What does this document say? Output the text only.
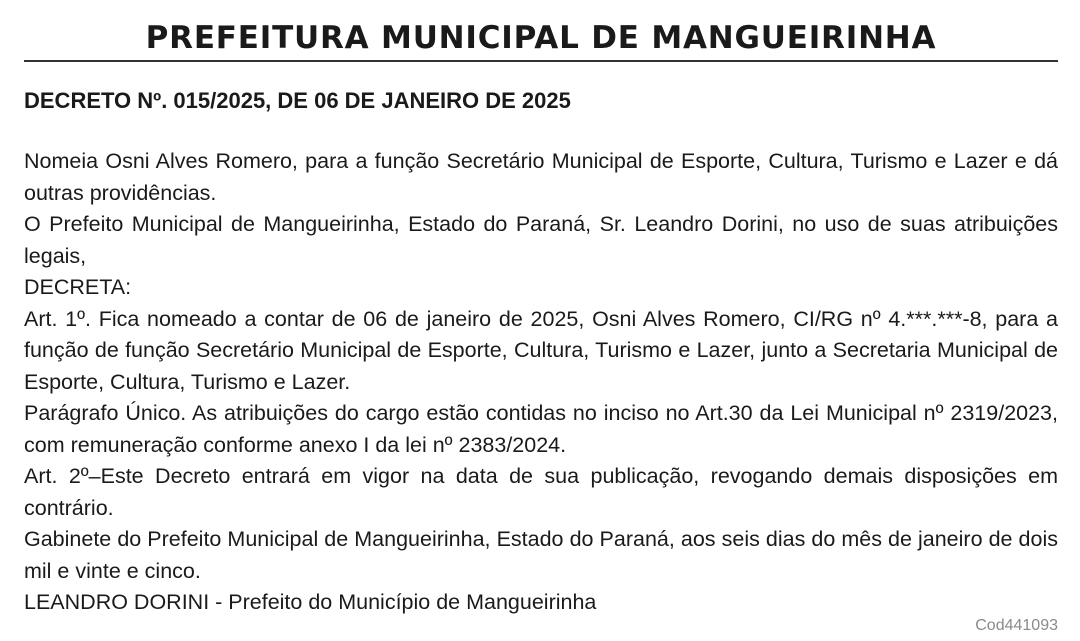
PREFEITURA MUNICIPAL DE MANGUEIRINHA
DECRETO Nº. 015/2025, DE 06 DE JANEIRO DE 2025

Nomeia Osni Alves Romero, para a função Secretário Municipal de Esporte, Cultura, Turismo e Lazer e dá outras providências.

O Prefeito Municipal de Mangueirinha, Estado do Paraná, Sr. Leandro Dorini, no uso de suas atribuições legais,

DECRETA:

Art. 1º. Fica nomeado a contar de 06 de janeiro de 2025, Osni Alves Romero, CI/RG nº 4.***.***-8, para a função de função Secretário Municipal de Esporte, Cultura, Turismo e Lazer, junto a Secretaria Municipal de Esporte, Cultura, Turismo e Lazer.

Parágrafo Único. As atribuições do cargo estão contidas no inciso no Art.30 da Lei Municipal nº 2319/2023, com remuneração conforme anexo I da lei nº 2383/2024.

Art. 2º–Este Decreto entrará em vigor na data de sua publicação, revogando demais disposições em contrário.

Gabinete do Prefeito Municipal de Mangueirinha, Estado do Paraná, aos seis dias do mês de janeiro de dois mil e vinte e cinco.

LEANDRO DORINI - Prefeito do Município de Mangueirinha

Cod441093
